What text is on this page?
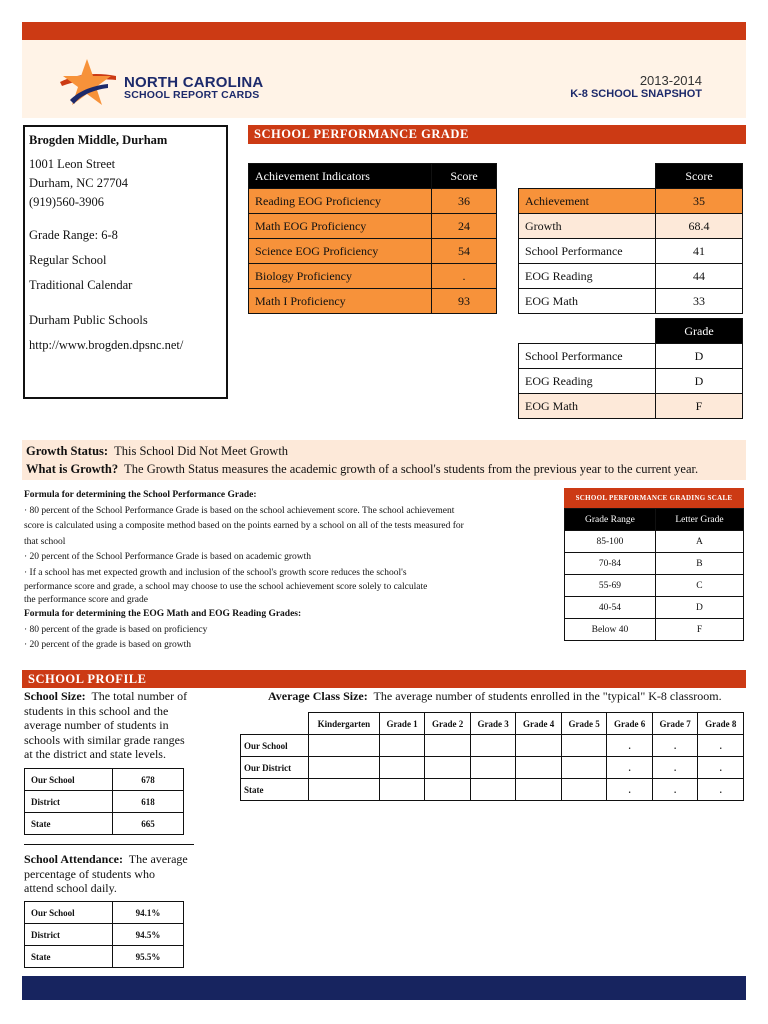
NORTH CAROLINA
SCHOOL REPORT CARDS
2013-2014
K-8 SCHOOL SNAPSHOT
Brogden Middle, Durham
1001 Leon Street
Durham, NC 27704
(919)560-3906
Grade Range: 6-8
Regular School
Traditional Calendar
Durham Public Schools
http://www.brogden.dpsnc.net/
SCHOOL PERFORMANCE GRADE
Achievement Indicators	Score
Reading EOG Proficiency	36
Math EOG Proficiency	24
Science EOG Proficiency	54
Biology Proficiency	.
Math I Proficiency	93
	Score
Achievement	35
Growth	68.4
School Performance	41
EOG Reading	44
EOG Math	33
	Grade
School Performance	D
EOG Reading	D
EOG Math	F
Growth Status: This School Did Not Meet Growth
What is Growth? The Growth Status measures the academic growth of a school's students from the previous year to the current year.
Formula for determining the School Performance Grade:
· 80 percent of the School Performance Grade is based on the school achievement score. The school achievement
score is calculated using a composite method based on the points earned by a school on all of the tests measured for
that school
· 20 percent of the School Performance Grade is based on academic growth
· If a school has met expected growth and inclusion of the school's growth score reduces the school's
performance score and grade, a school may choose to use the school achievement score solely to calculate
the performance score and grade
Formula for determining the EOG Math and EOG Reading Grades:
· 80 percent of the grade is based on proficiency
· 20 percent of the grade is based on growth
SCHOOL PERFORMANCE GRADING SCALE
Grade Range	Letter Grade
85-100	A
70-84	B
55-69	C
40-54	D
Below 40	F
SCHOOL PROFILE
School Size: The total number of
students in this school and the
average number of students in
schools with similar grade ranges
at the district and state levels.
Our School	678
District	618
State	665
School Attendance: The average
percentage of students who
attend school daily.
Our School	94.1%
District	94.5%
State	95.5%
Average Class Size: The average number of students enrolled in the "typical" K-8 classroom.
	Kindergarten	Grade 1	Grade 2	Grade 3	Grade 4	Grade 5	Grade 6	Grade 7	Grade 8
Our School							.	.	.
Our District							.	.	.
State							.	.	.
